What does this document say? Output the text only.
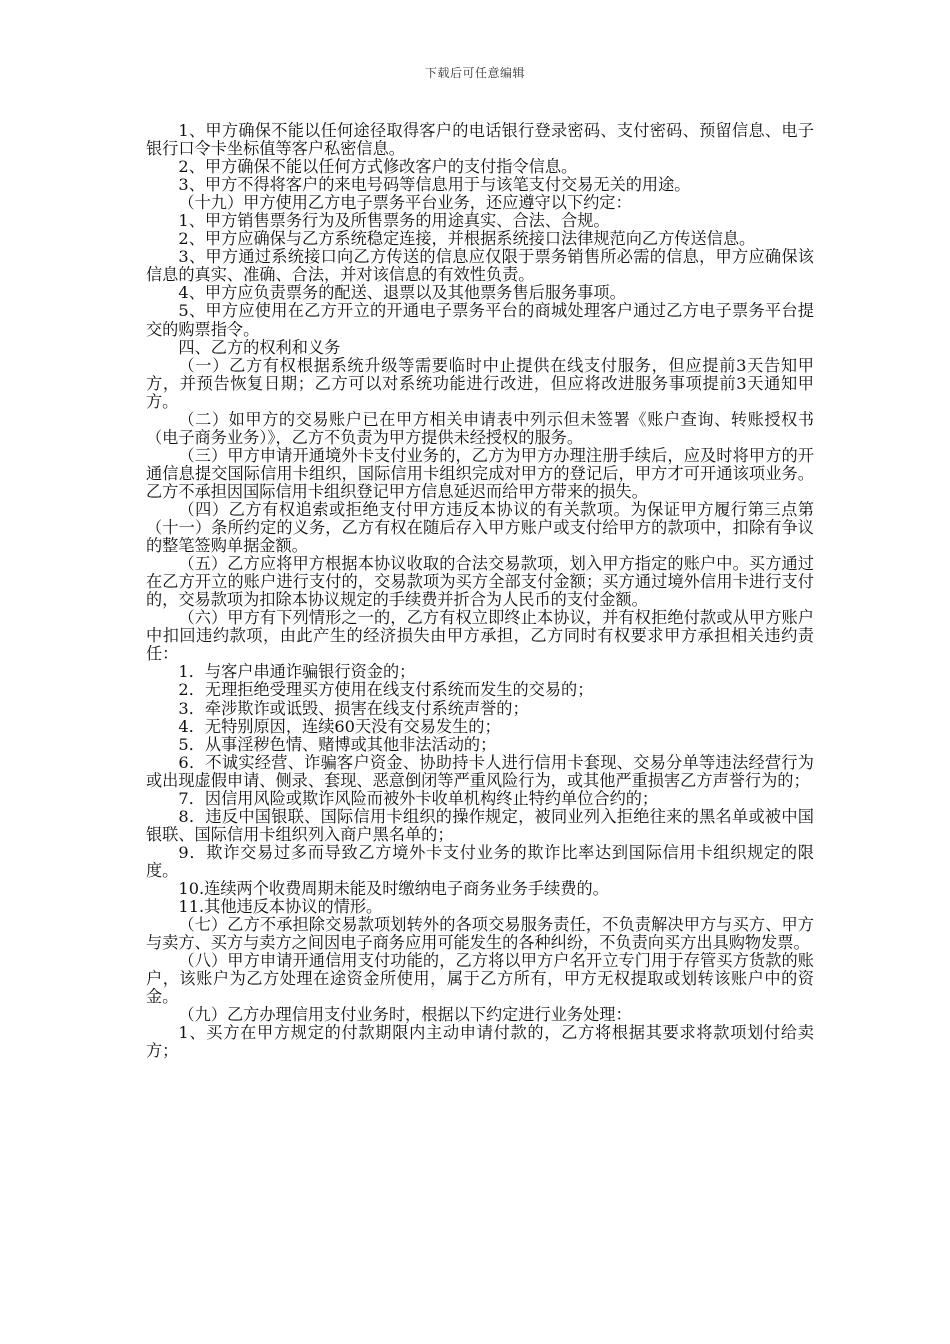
下载后可任意编辑

1、甲方确保不能以任何途径取得客户的电话银行登录密码、支付密码、预留信息、电子银行口令卡坐标值等客户私密信息。

2、甲方确保不能以任何方式修改客户的支付指令信息。

3、甲方不得将客户的来电号码等信息用于与该笔支付交易无关的用途。

（十九）甲方使用乙方电子票务平台业务，还应遵守以下约定：

1、甲方销售票务行为及所售票务的用途真实、合法、合规。

2、甲方应确保与乙方系统稳定连接，并根据系统接口法律规范向乙方传送信息。

3、甲方通过系统接口向乙方传送的信息应仅限于票务销售所必需的信息，甲方应确保该信息的真实、准确、合法，并对该信息的有效性负责。

4、甲方应负责票务的配送、退票以及其他票务售后服务事项。

5、甲方应使用在乙方开立的开通电子票务平台的商城处理客户通过乙方电子票务平台提交的购票指令。

四、乙方的权利和义务

（一）乙方有权根据系统升级等需要临时中止提供在线支付服务，但应提前3天告知甲方，并预告恢复日期；乙方可以对系统功能进行改进，但应将改进服务事项提前3天通知甲方。

（二）如甲方的交易账户已在甲方相关申请表中列示但未签署《账户查询、转账授权书（电子商务业务）》，乙方不负责为甲方提供未经授权的服务。

（三）甲方申请开通境外卡支付业务的，乙方为甲方办理注册手续后，应及时将甲方的开通信息提交国际信用卡组织，国际信用卡组织完成对甲方的登记后，甲方才可开通该项业务。乙方不承担因国际信用卡组织登记甲方信息延迟而给甲方带来的损失。

（四）乙方有权追索或拒绝支付甲方违反本协议的有关款项。为保证甲方履行第三点第（十一）条所约定的义务，乙方有权在随后存入甲方账户或支付给甲方的款项中，扣除有争议的整笔签购单据金额。

（五）乙方应将甲方根据本协议收取的合法交易款项，划入甲方指定的账户中。买方通过在乙方开立的账户进行支付的，交易款项为买方全部支付金额；买方通过境外信用卡进行支付的，交易款项为扣除本协议规定的手续费并折合为人民币的支付金额。

（六）甲方有下列情形之一的，乙方有权立即终止本协议，并有权拒绝付款或从甲方账户中扣回违约款项，由此产生的经济损失由甲方承担，乙方同时有权要求甲方承担相关违约责任：

1．与客户串通诈骗银行资金的；

2．无理拒绝受理买方使用在线支付系统而发生的交易的；

3．牵涉欺诈或诋毁、损害在线支付系统声誉的；

4．无特别原因，连续60天没有交易发生的；

5．从事淫秽色情、赌博或其他非法活动的；

6．不诚实经营、诈骗客户资金、协助持卡人进行信用卡套现、交易分单等违法经营行为或出现虚假申请、侧录、套现、恶意倒闭等严重风险行为，或其他严重损害乙方声誉行为的；

7．因信用风险或欺诈风险而被外卡收单机构终止特约单位合约的；

8．违反中国银联、国际信用卡组织的操作规定，被同业列入拒绝往来的黑名单或被中国银联、国际信用卡组织列入商户黑名单的；

9．欺诈交易过多而导致乙方境外卡支付业务的欺诈比率达到国际信用卡组织规定的限度。

10.连续两个收费周期未能及时缴纳电子商务业务手续费的。

11.其他违反本协议的情形。

（七）乙方不承担除交易款项划转外的各项交易服务责任，不负责解决甲方与买方、甲方与卖方、买方与卖方之间因电子商务应用可能发生的各种纠纷，不负责向买方出具购物发票。

（八）甲方申请开通信用支付功能的，乙方将以甲方户名开立专门用于存管买方货款的账户，该账户为乙方处理在途资金所使用，属于乙方所有，甲方无权提取或划转该账户中的资金。

（九）乙方办理信用支付业务时，根据以下约定进行业务处理：

1、买方在甲方规定的付款期限内主动申请付款的，乙方将根据其要求将款项划付给卖方；
